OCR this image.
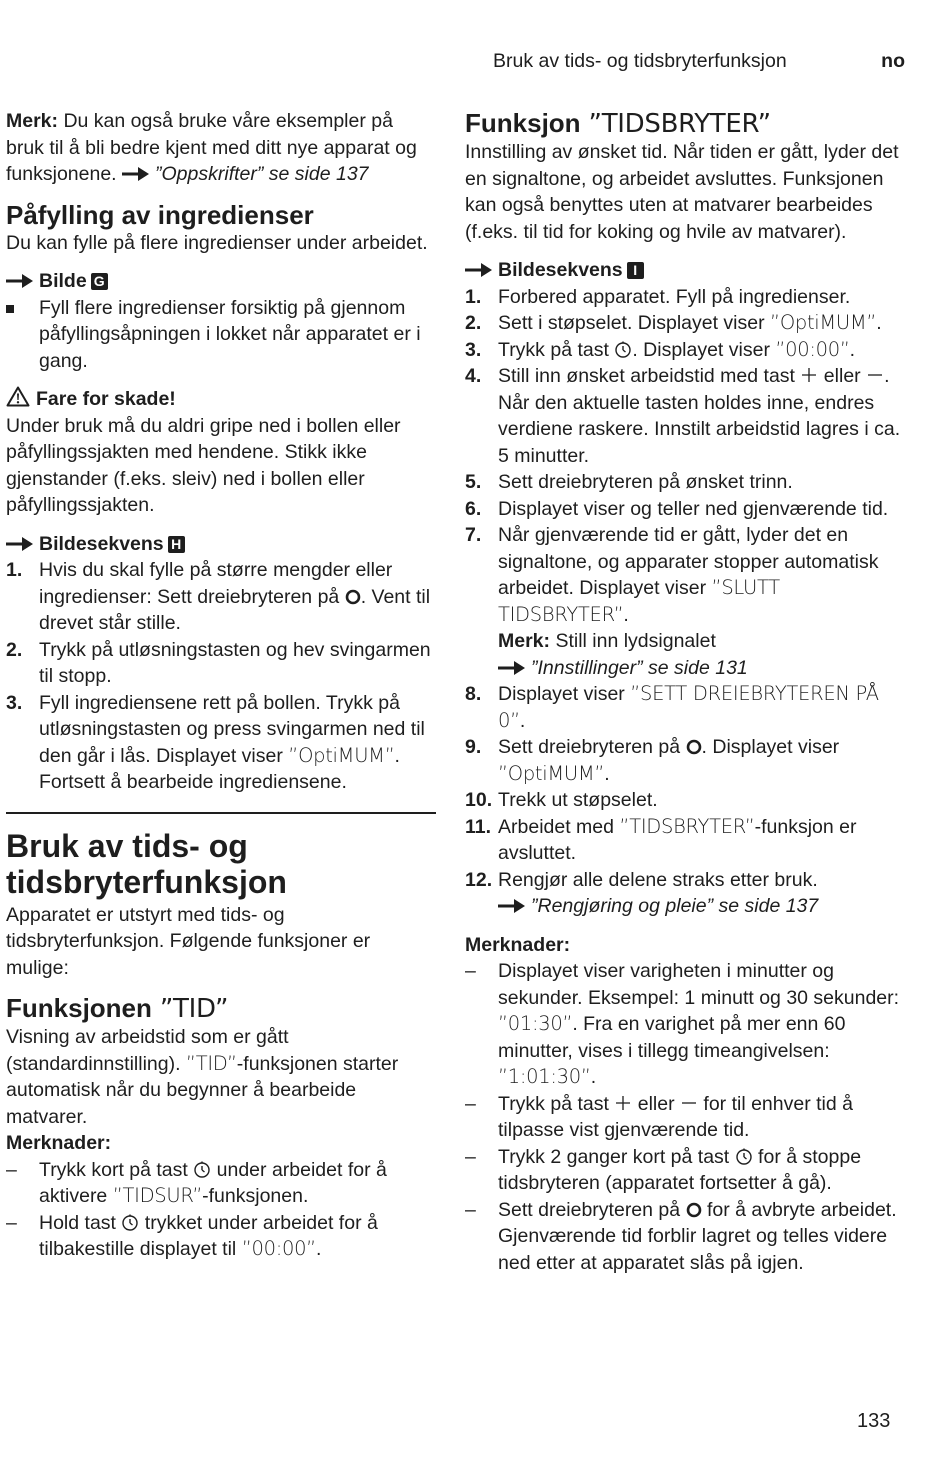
Bruk av tids- og tidsbryterfunksjon	no

Merk: Du kan også bruke våre eksempler på bruk til å bli bedre kjent med ditt nye apparat og funksjonene. ”Oppskrifter” se side 137

Påfylling av ingredienser

Du kan fylle på flere ingredienser under arbeidet.

Bilde G

Fyll flere ingredienser forsiktig på gjennom påfyllingsåpningen i lokket når apparatet er i gang.

Fare for skade!

Under bruk må du aldri gripe ned i bollen eller påfyllingssjakten med hendene. Stikk ikke gjenstander (f.eks. sleiv) ned i bollen eller påfyllingssjakten.

Bildesekvens H

1. Hvis du skal fylle på større mengder eller ingredienser: Sett dreiebryteren på . Vent til drevet står stille.
2. Trykk på utløsningstasten og hev svingarmen til stopp.
3. Fyll ingrediensene rett på bollen. Trykk på utløsningstasten og press svingarmen ned til den går i lås. Displayet viser ”OptiMUM”. Fortsett å bearbeide ingrediensene.
Bruk av tids- og tidsbryterfunksjon

Apparatet er utstyrt med tids- og tidsbryterfunksjon. Følgende funksjoner er mulige:

Funksjonen ”TID”

Visning av arbeidstid som er gått (standardinnstilling). ”TID”-funksjonen starter automatisk når du begynner å bearbeide matvarer.

Merknader:

– Trykk kort på tast  under arbeidet for å aktivere ”TIDSUR”-funksjonen.
– Hold tast  trykket under arbeidet for å tilbakestille displayet til ”00:00”.
Funksjon ”TIDSBRYTER”

Innstilling av ønsket tid. Når tiden er gått, lyder det en signaltone, og arbeidet avsluttes. Funksjonen kan også benyttes uten at matvarer bearbeides (f.eks. til tid for koking og hvile av matvarer).

Bildesekvens I

1. Forbered apparatet. Fyll på ingredienser.
2. Sett i støpselet. Displayet viser ”OptiMUM”.
3. Trykk på tast . Displayet viser ”00:00”.
4. Still inn ønsket arbeidstid med tast  eller . Når den aktuelle tasten holdes inne, endres verdiene raskere. Innstilt arbeidstid lagres i ca. 5 minutter.
5. Sett dreiebryteren på ønsket trinn.
6. Displayet viser og teller ned gjenværende tid.
7. Når gjenværende tid er gått, lyder det en signaltone, og apparater stopper automatisk arbeidet. Displayet viser ”SLUTT TIDSBRYTER”.
Merk: Still inn lydsignalet
”Innstillinger” se side 131
8. Displayet viser ”SETT DREIEBRYTEREN PÅ 0”.
9. Sett dreiebryteren på . Displayet viser ”OptiMUM”.
10. Trekk ut støpselet.
11. Arbeidet med ”TIDSBRYTER”-funksjon er avsluttet.
12. Rengjør alle delene straks etter bruk.
”Rengjøring og pleie” se side 137

Merknader:

– Displayet viser varigheten i minutter og sekunder. Eksempel: 1 minutt og 30 sekunder: ”01:30”. Fra en varighet på mer enn 60 minutter, vises i tillegg timeangivelsen: ”1:01:30”.
– Trykk på tast  eller  for til enhver tid å tilpasse vist gjenværende tid.
– Trykk 2 ganger kort på tast  for å stoppe tidsbryteren (apparatet fortsetter å gå).
– Sett dreiebryteren på  for å avbryte arbeidet. Gjenværende tid forblir lagret og telles videre ned etter at apparatet slås på igjen.
133
